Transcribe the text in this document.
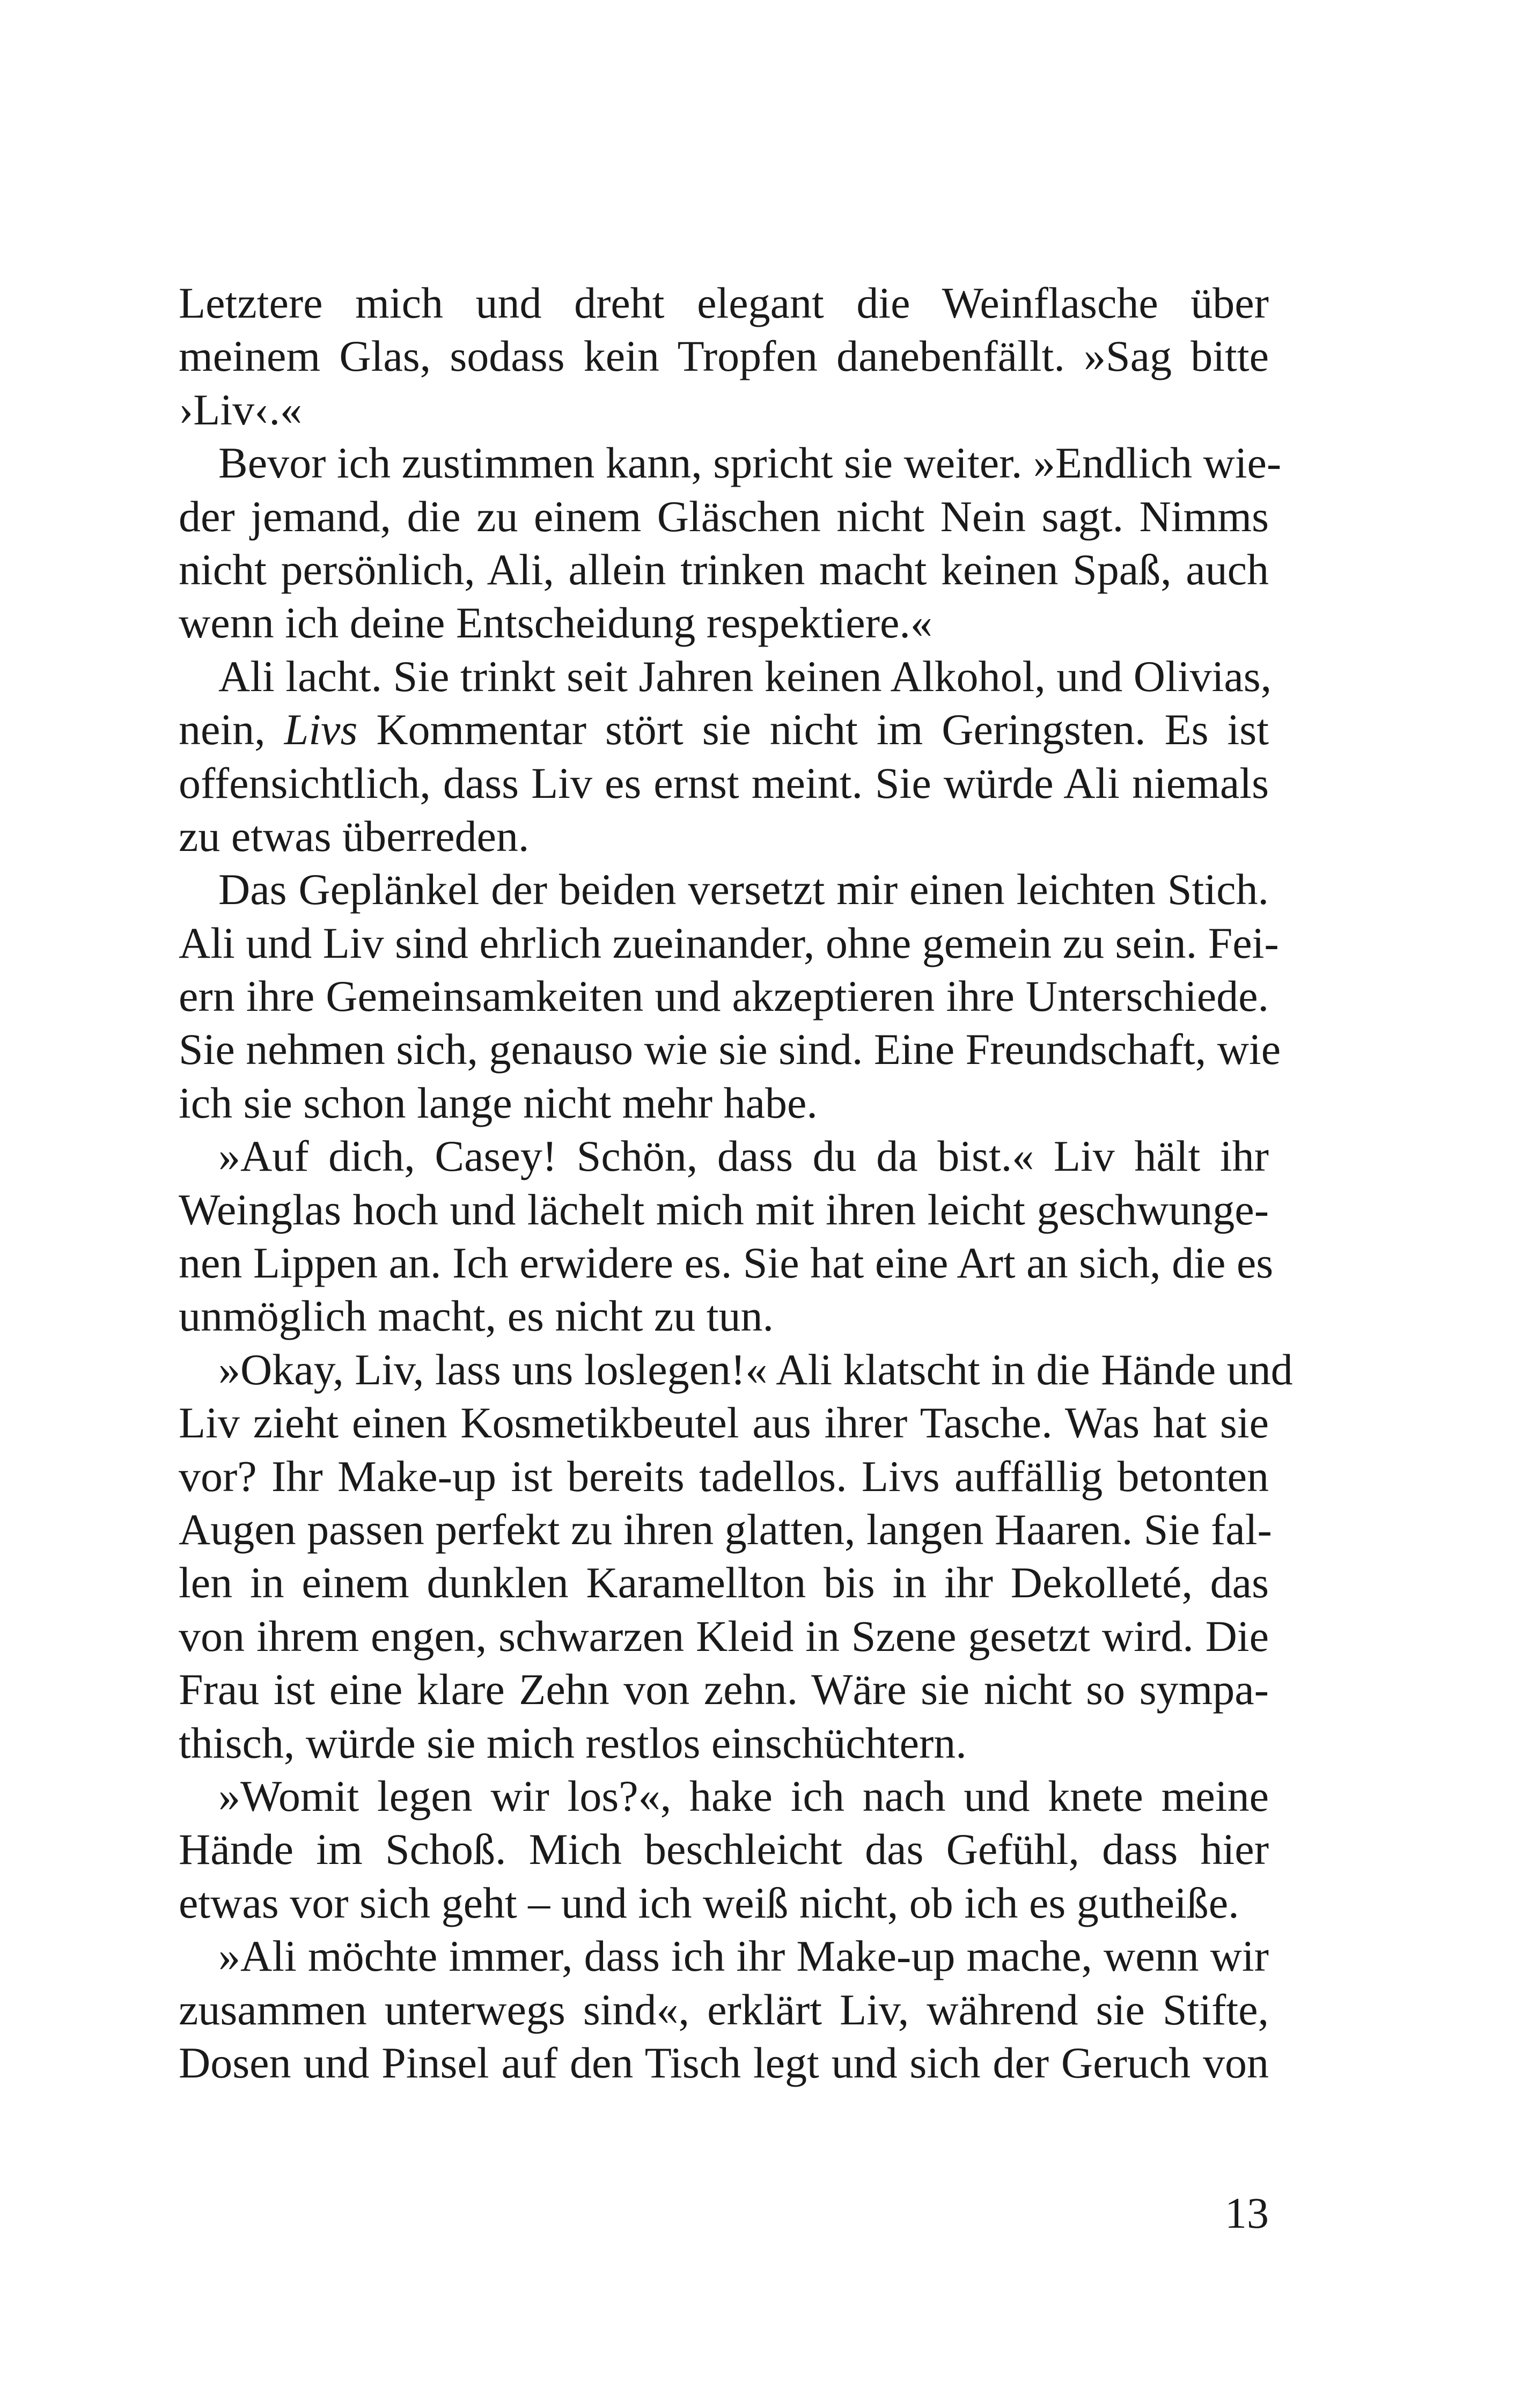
Letztere mich und dreht elegant die Weinflasche über
meinem Glas, sodass kein Tropfen danebenfällt. »Sag bitte
›Liv‹.«
Bevor ich zustimmen kann, spricht sie weiter. »Endlich wie-
der jemand, die zu einem Gläschen nicht Nein sagt. Nimms
nicht persönlich, Ali, allein trinken macht keinen Spaß, auch
wenn ich deine Entscheidung respektiere.«
Ali lacht. Sie trinkt seit Jahren keinen Alkohol, und Olivias,
nein, Livs Kommentar stört sie nicht im Geringsten. Es ist
offensichtlich, dass Liv es ernst meint. Sie würde Ali niemals
zu etwas überreden.
Das Geplänkel der beiden versetzt mir einen leichten Stich.
Ali und Liv sind ehrlich zueinander, ohne gemein zu sein. Fei-
ern ihre Gemeinsamkeiten und akzeptieren ihre Unterschiede.
Sie nehmen sich, genauso wie sie sind. Eine Freundschaft, wie
ich sie schon lange nicht mehr habe.
»Auf dich, Casey! Schön, dass du da bist.« Liv hält ihr
Weinglas hoch und lächelt mich mit ihren leicht geschwunge-
nen Lippen an. Ich erwidere es. Sie hat eine Art an sich, die es
unmöglich macht, es nicht zu tun.
»Okay, Liv, lass uns loslegen!« Ali klatscht in die Hände und
Liv zieht einen Kosmetikbeutel aus ihrer Tasche. Was hat sie
vor? Ihr Make-up ist bereits tadellos. Livs auffällig betonten
Augen passen perfekt zu ihren glatten, langen Haaren. Sie fal-
len in einem dunklen Karamellton bis in ihr Dekolleté, das
von ihrem engen, schwarzen Kleid in Szene gesetzt wird. Die
Frau ist eine klare Zehn von zehn. Wäre sie nicht so sympa-
thisch, würde sie mich restlos einschüchtern.
»Womit legen wir los?«, hake ich nach und knete meine
Hände im Schoß. Mich beschleicht das Gefühl, dass hier
etwas vor sich geht – und ich weiß nicht, ob ich es gutheiße.
»Ali möchte immer, dass ich ihr Make-up mache, wenn wir
zusammen unterwegs sind«, erklärt Liv, während sie Stifte,
Dosen und Pinsel auf den Tisch legt und sich der Geruch von
13
